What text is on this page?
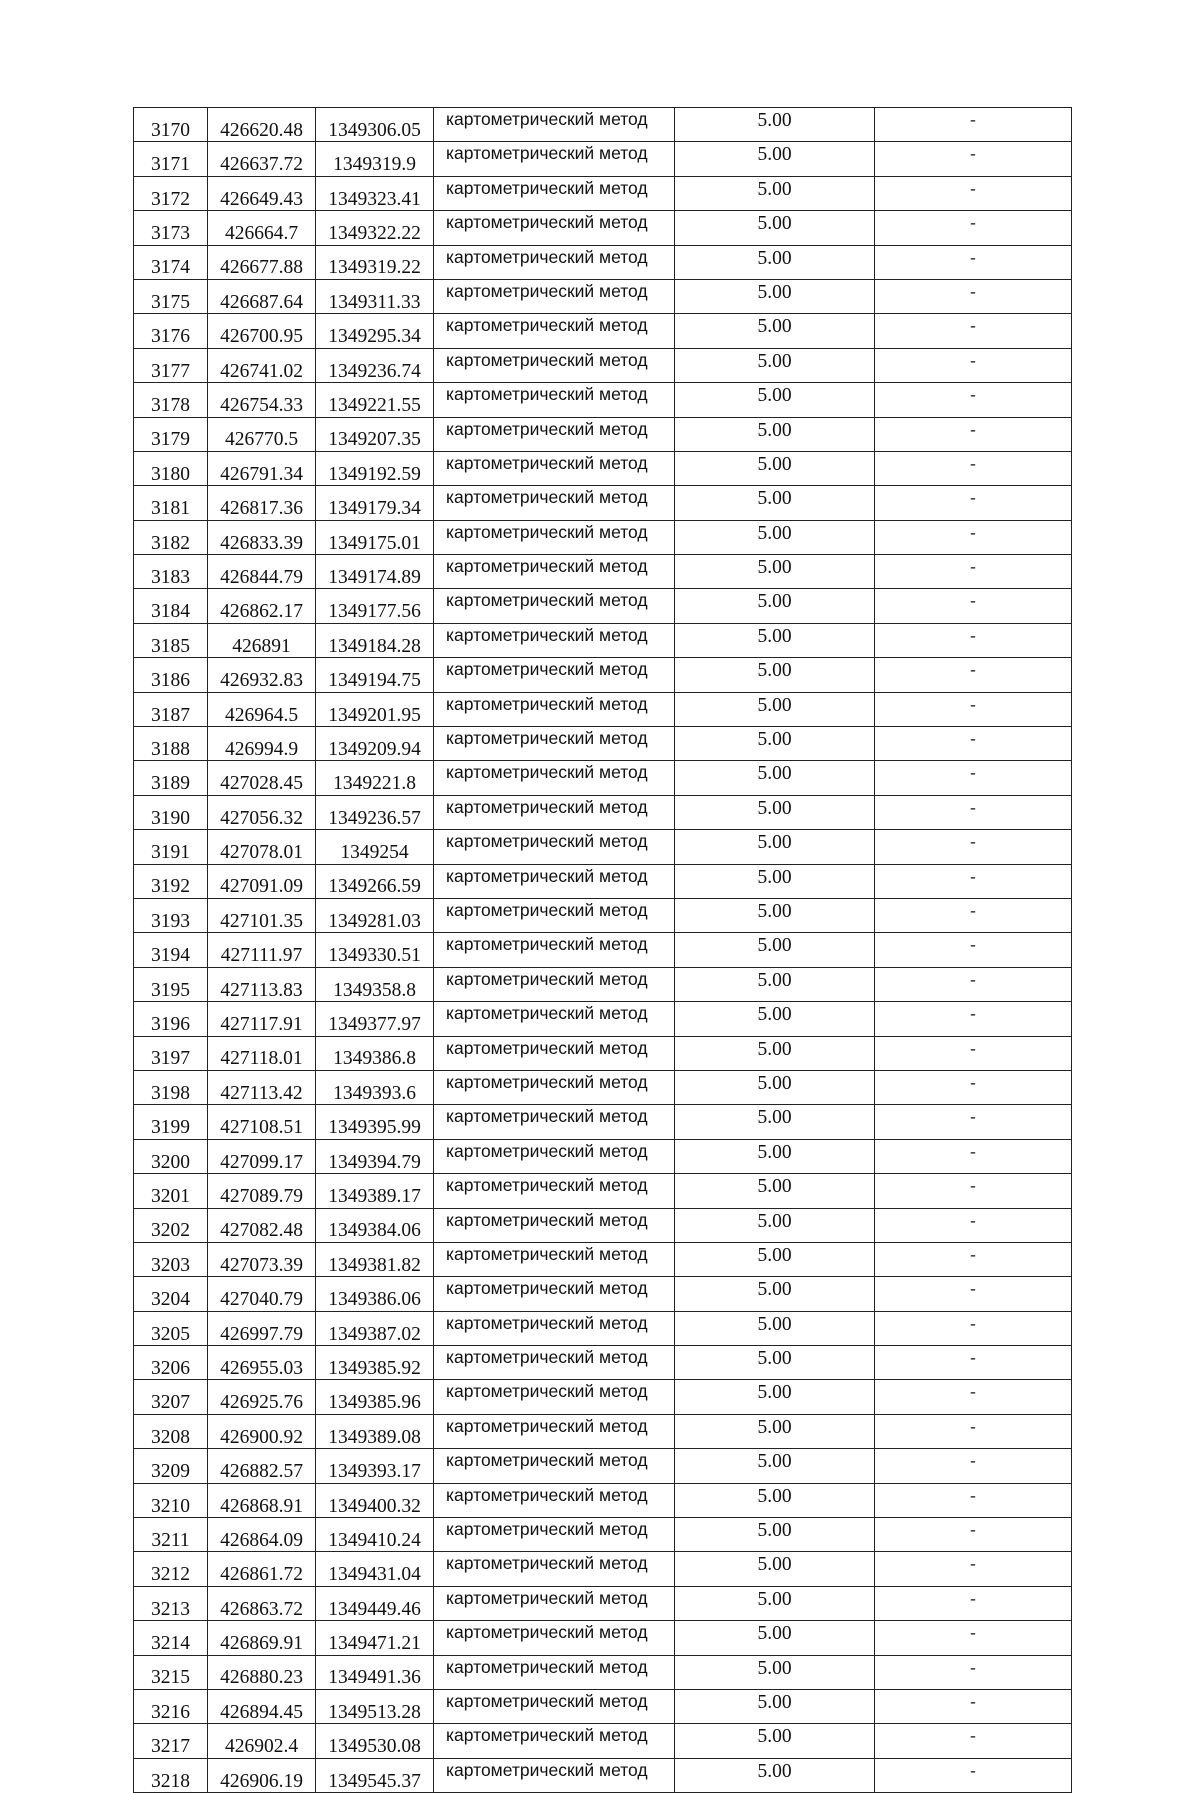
3170	426620.48	1349306.05	картометрический метод	5.00	-
3171	426637.72	1349319.9	картометрический метод	5.00	-
3172	426649.43	1349323.41	картометрический метод	5.00	-
3173	426664.7	1349322.22	картометрический метод	5.00	-
3174	426677.88	1349319.22	картометрический метод	5.00	-
3175	426687.64	1349311.33	картометрический метод	5.00	-
3176	426700.95	1349295.34	картометрический метод	5.00	-
3177	426741.02	1349236.74	картометрический метод	5.00	-
3178	426754.33	1349221.55	картометрический метод	5.00	-
3179	426770.5	1349207.35	картометрический метод	5.00	-
3180	426791.34	1349192.59	картометрический метод	5.00	-
3181	426817.36	1349179.34	картометрический метод	5.00	-
3182	426833.39	1349175.01	картометрический метод	5.00	-
3183	426844.79	1349174.89	картометрический метод	5.00	-
3184	426862.17	1349177.56	картометрический метод	5.00	-
3185	426891	1349184.28	картометрический метод	5.00	-
3186	426932.83	1349194.75	картометрический метод	5.00	-
3187	426964.5	1349201.95	картометрический метод	5.00	-
3188	426994.9	1349209.94	картометрический метод	5.00	-
3189	427028.45	1349221.8	картометрический метод	5.00	-
3190	427056.32	1349236.57	картометрический метод	5.00	-
3191	427078.01	1349254	картометрический метод	5.00	-
3192	427091.09	1349266.59	картометрический метод	5.00	-
3193	427101.35	1349281.03	картометрический метод	5.00	-
3194	427111.97	1349330.51	картометрический метод	5.00	-
3195	427113.83	1349358.8	картометрический метод	5.00	-
3196	427117.91	1349377.97	картометрический метод	5.00	-
3197	427118.01	1349386.8	картометрический метод	5.00	-
3198	427113.42	1349393.6	картометрический метод	5.00	-
3199	427108.51	1349395.99	картометрический метод	5.00	-
3200	427099.17	1349394.79	картометрический метод	5.00	-
3201	427089.79	1349389.17	картометрический метод	5.00	-
3202	427082.48	1349384.06	картометрический метод	5.00	-
3203	427073.39	1349381.82	картометрический метод	5.00	-
3204	427040.79	1349386.06	картометрический метод	5.00	-
3205	426997.79	1349387.02	картометрический метод	5.00	-
3206	426955.03	1349385.92	картометрический метод	5.00	-
3207	426925.76	1349385.96	картометрический метод	5.00	-
3208	426900.92	1349389.08	картометрический метод	5.00	-
3209	426882.57	1349393.17	картометрический метод	5.00	-
3210	426868.91	1349400.32	картометрический метод	5.00	-
3211	426864.09	1349410.24	картометрический метод	5.00	-
3212	426861.72	1349431.04	картометрический метод	5.00	-
3213	426863.72	1349449.46	картометрический метод	5.00	-
3214	426869.91	1349471.21	картометрический метод	5.00	-
3215	426880.23	1349491.36	картометрический метод	5.00	-
3216	426894.45	1349513.28	картометрический метод	5.00	-
3217	426902.4	1349530.08	картометрический метод	5.00	-
3218	426906.19	1349545.37	картометрический метод	5.00	-
